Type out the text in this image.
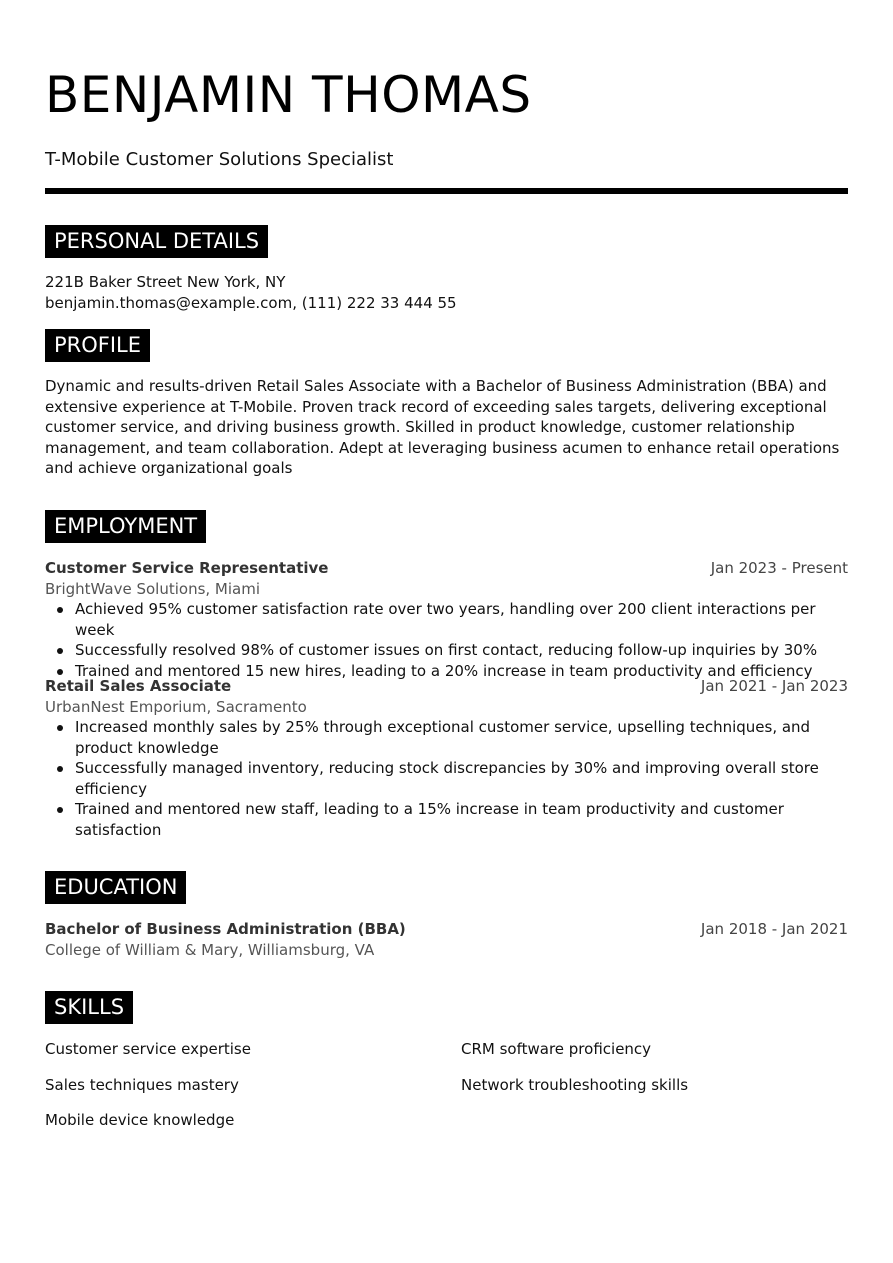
BENJAMIN THOMAS
T-Mobile Customer Solutions Specialist
PERSONAL DETAILS
221B Baker Street New York, NY
benjamin.thomas@example.com, (111) 222 33 444 55
PROFILE
Dynamic and results-driven Retail Sales Associate with a Bachelor of Business Administration (BBA) and extensive experience at T-Mobile. Proven track record of exceeding sales targets, delivering exceptional customer service, and driving business growth. Skilled in product knowledge, customer relationship management, and team collaboration. Adept at leveraging business acumen to enhance retail operations and achieve organizational goals
EMPLOYMENT
Customer Service Representative	Jan 2023 - Present
BrightWave Solutions, Miami
Achieved 95% customer satisfaction rate over two years, handling over 200 client interactions per week
Successfully resolved 98% of customer issues on first contact, reducing follow-up inquiries by 30%
Trained and mentored 15 new hires, leading to a 20% increase in team productivity and efficiency
Retail Sales Associate	Jan 2021 - Jan 2023
UrbanNest Emporium, Sacramento
Increased monthly sales by 25% through exceptional customer service, upselling techniques, and product knowledge
Successfully managed inventory, reducing stock discrepancies by 30% and improving overall store efficiency
Trained and mentored new staff, leading to a 15% increase in team productivity and customer satisfaction
EDUCATION
Bachelor of Business Administration (BBA)	Jan 2018 - Jan 2021
College of William & Mary, Williamsburg, VA
SKILLS
Customer service expertise	CRM software proficiency
Sales techniques mastery	Network troubleshooting skills
Mobile device knowledge
